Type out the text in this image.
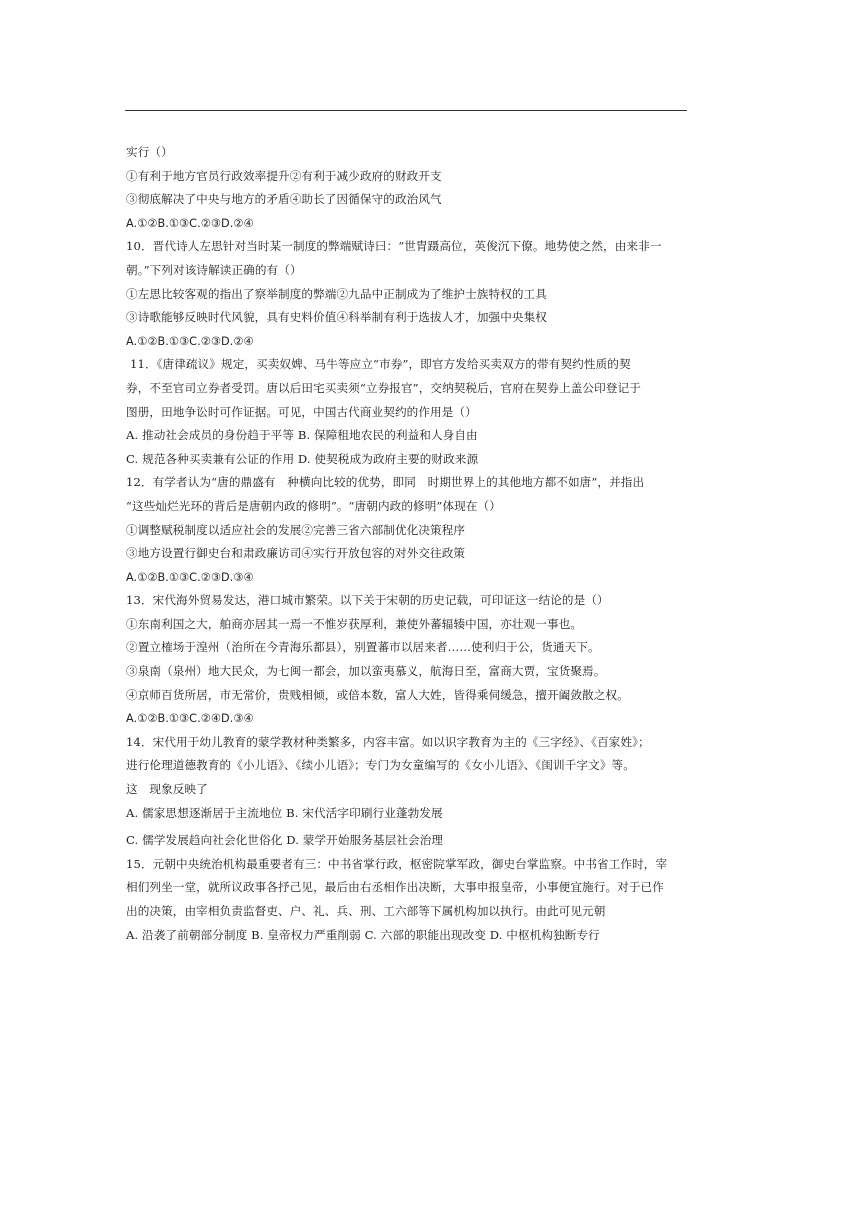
实行（）
①有利于地方官员行政效率提升②有利于减少政府的财政开支
③彻底解决了中央与地方的矛盾④助长了因循保守的政治风气
A.①②B.①③C.②③D.②④
10．晋代诗人左思针对当时某一制度的弊端赋诗曰：“世胄蹑高位，英俊沉下僚。地势使之然，由来非一
朝。”下列对该诗解读正确的有（）
①左思比较客观的指出了察举制度的弊端②九品中正制成为了维护士族特权的工具
③诗歌能够反映时代风貌，具有史料价值④科举制有利于选拔人才，加强中央集权
A.①②B.①③C.②③D.②④
11．《唐律疏议》规定，买卖奴婢、马牛等应立“市券”，即官方发给买卖双方的带有契约性质的契
券，不至官司立券者受罚。唐以后田宅买卖须“立券报官”，交纳契税后，官府在契券上盖公印登记于
图册，田地争讼时可作证据。可见，中国古代商业契约的作用是（）
A. 推动社会成员的身份趋于平等 B. 保障租地农民的利益和人身自由
C. 规范各种买卖兼有公证的作用 D. 使契税成为政府主要的财政来源
12．有学者认为“唐的鼎盛有　种横向比较的优势，即同　时期世界上的其他地方都不如唐”，并指出
“这些灿烂光环的背后是唐朝内政的修明”。“唐朝内政的修明”体现在（）
①调整赋税制度以适应社会的发展②完善三省六部制优化决策程序
③地方设置行御史台和肃政廉访司④实行开放包容的对外交往政策
A.①②B.①③C.②③D.③④
13．宋代海外贸易发达，港口城市繁荣。以下关于宋朝的历史记载，可印证这一结论的是（）
①东南利国之大，舶商亦居其一焉一不惟岁获厚利，兼使外蕃辐辏中国，亦壮观一事也。
②置立榷场于湟州（治所在今青海乐都县），别置蕃市以居来者……使利归于公，货通天下。
③泉南（泉州）地大民众，为七闽一都会，加以蛮夷慕义，航海日至，富商大贾，宝货聚焉。
④京师百货所居，市无常价，贵贱相倾，或倍本数，富人大姓，皆得乘伺缓急，擅开阖敛散之权。
A.①②B.①③C.②④D.③④
14．宋代用于幼儿教育的蒙学教材种类繁多，内容丰富。如以识字教育为主的《三字经》、《百家姓》；
进行伦理道德教育的《小儿语》、《续小儿语》；专门为女童编写的《女小儿语》、《闺训千字文》等。
这　现象反映了
A. 儒家思想逐渐居于主流地位 B. 宋代活字印刷行业蓬勃发展
C. 儒学发展趋向社会化世俗化 D. 蒙学开始服务基层社会治理
15．元朝中央统治机构最重要者有三：中书省掌行政，枢密院掌军政，御史台掌监察。中书省工作时，宰
相们列坐一堂，就所议政事各抒己见，最后由右丞相作出决断，大事申报皇帝，小事便宜施行。对于已作
出的决策，由宰相负责监督吏、户、礼、兵、刑、工六部等下属机构加以执行。由此可见元朝
A. 沿袭了前朝部分制度 B. 皇帝权力严重削弱 C. 六部的职能出现改变 D. 中枢机构独断专行
